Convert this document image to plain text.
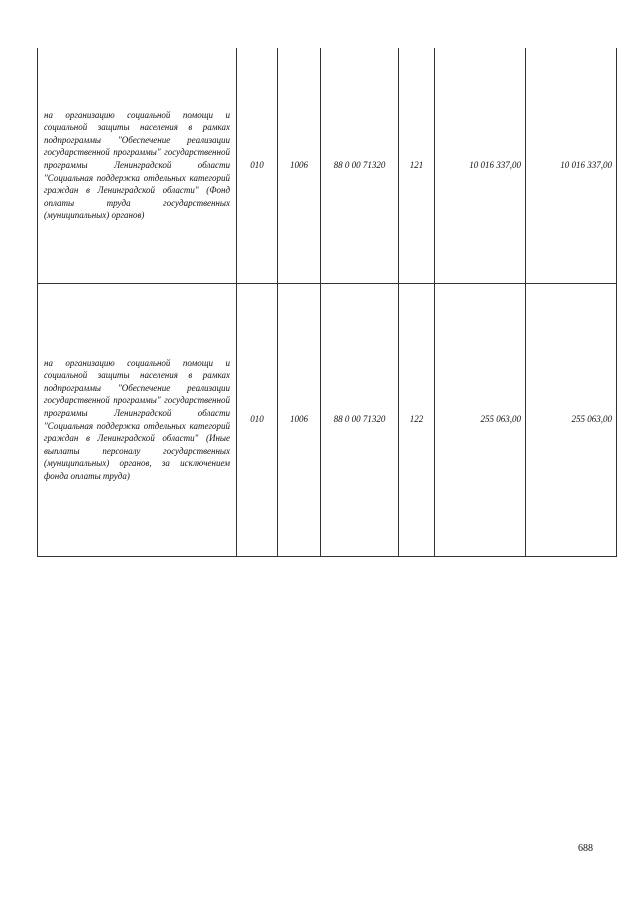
на организацию социальной помощи и социальной защиты населения в рамках подпрограммы "Обеспечение реализации государственной программы" государственной программы Ленинградской области "Социальная поддержка отдельных категорий граждан в Ленинградской области" (Фонд оплаты труда государственных (муниципальных) органов)	010	1006	88 0 00 71320	121	10 016 337,00	10 016 337,00
на организацию социальной помощи и социальной защиты населения в рамках подпрограммы "Обеспечение реализации государственной программы" государственной программы Ленинградской области "Социальная поддержка отдельных категорий граждан в Ленинградской области" (Иные выплаты персоналу государственных (муниципальных) органов, за исключением фонда оплаты труда)	010	1006	88 0 00 71320	122	255 063,00	255 063,00
688
